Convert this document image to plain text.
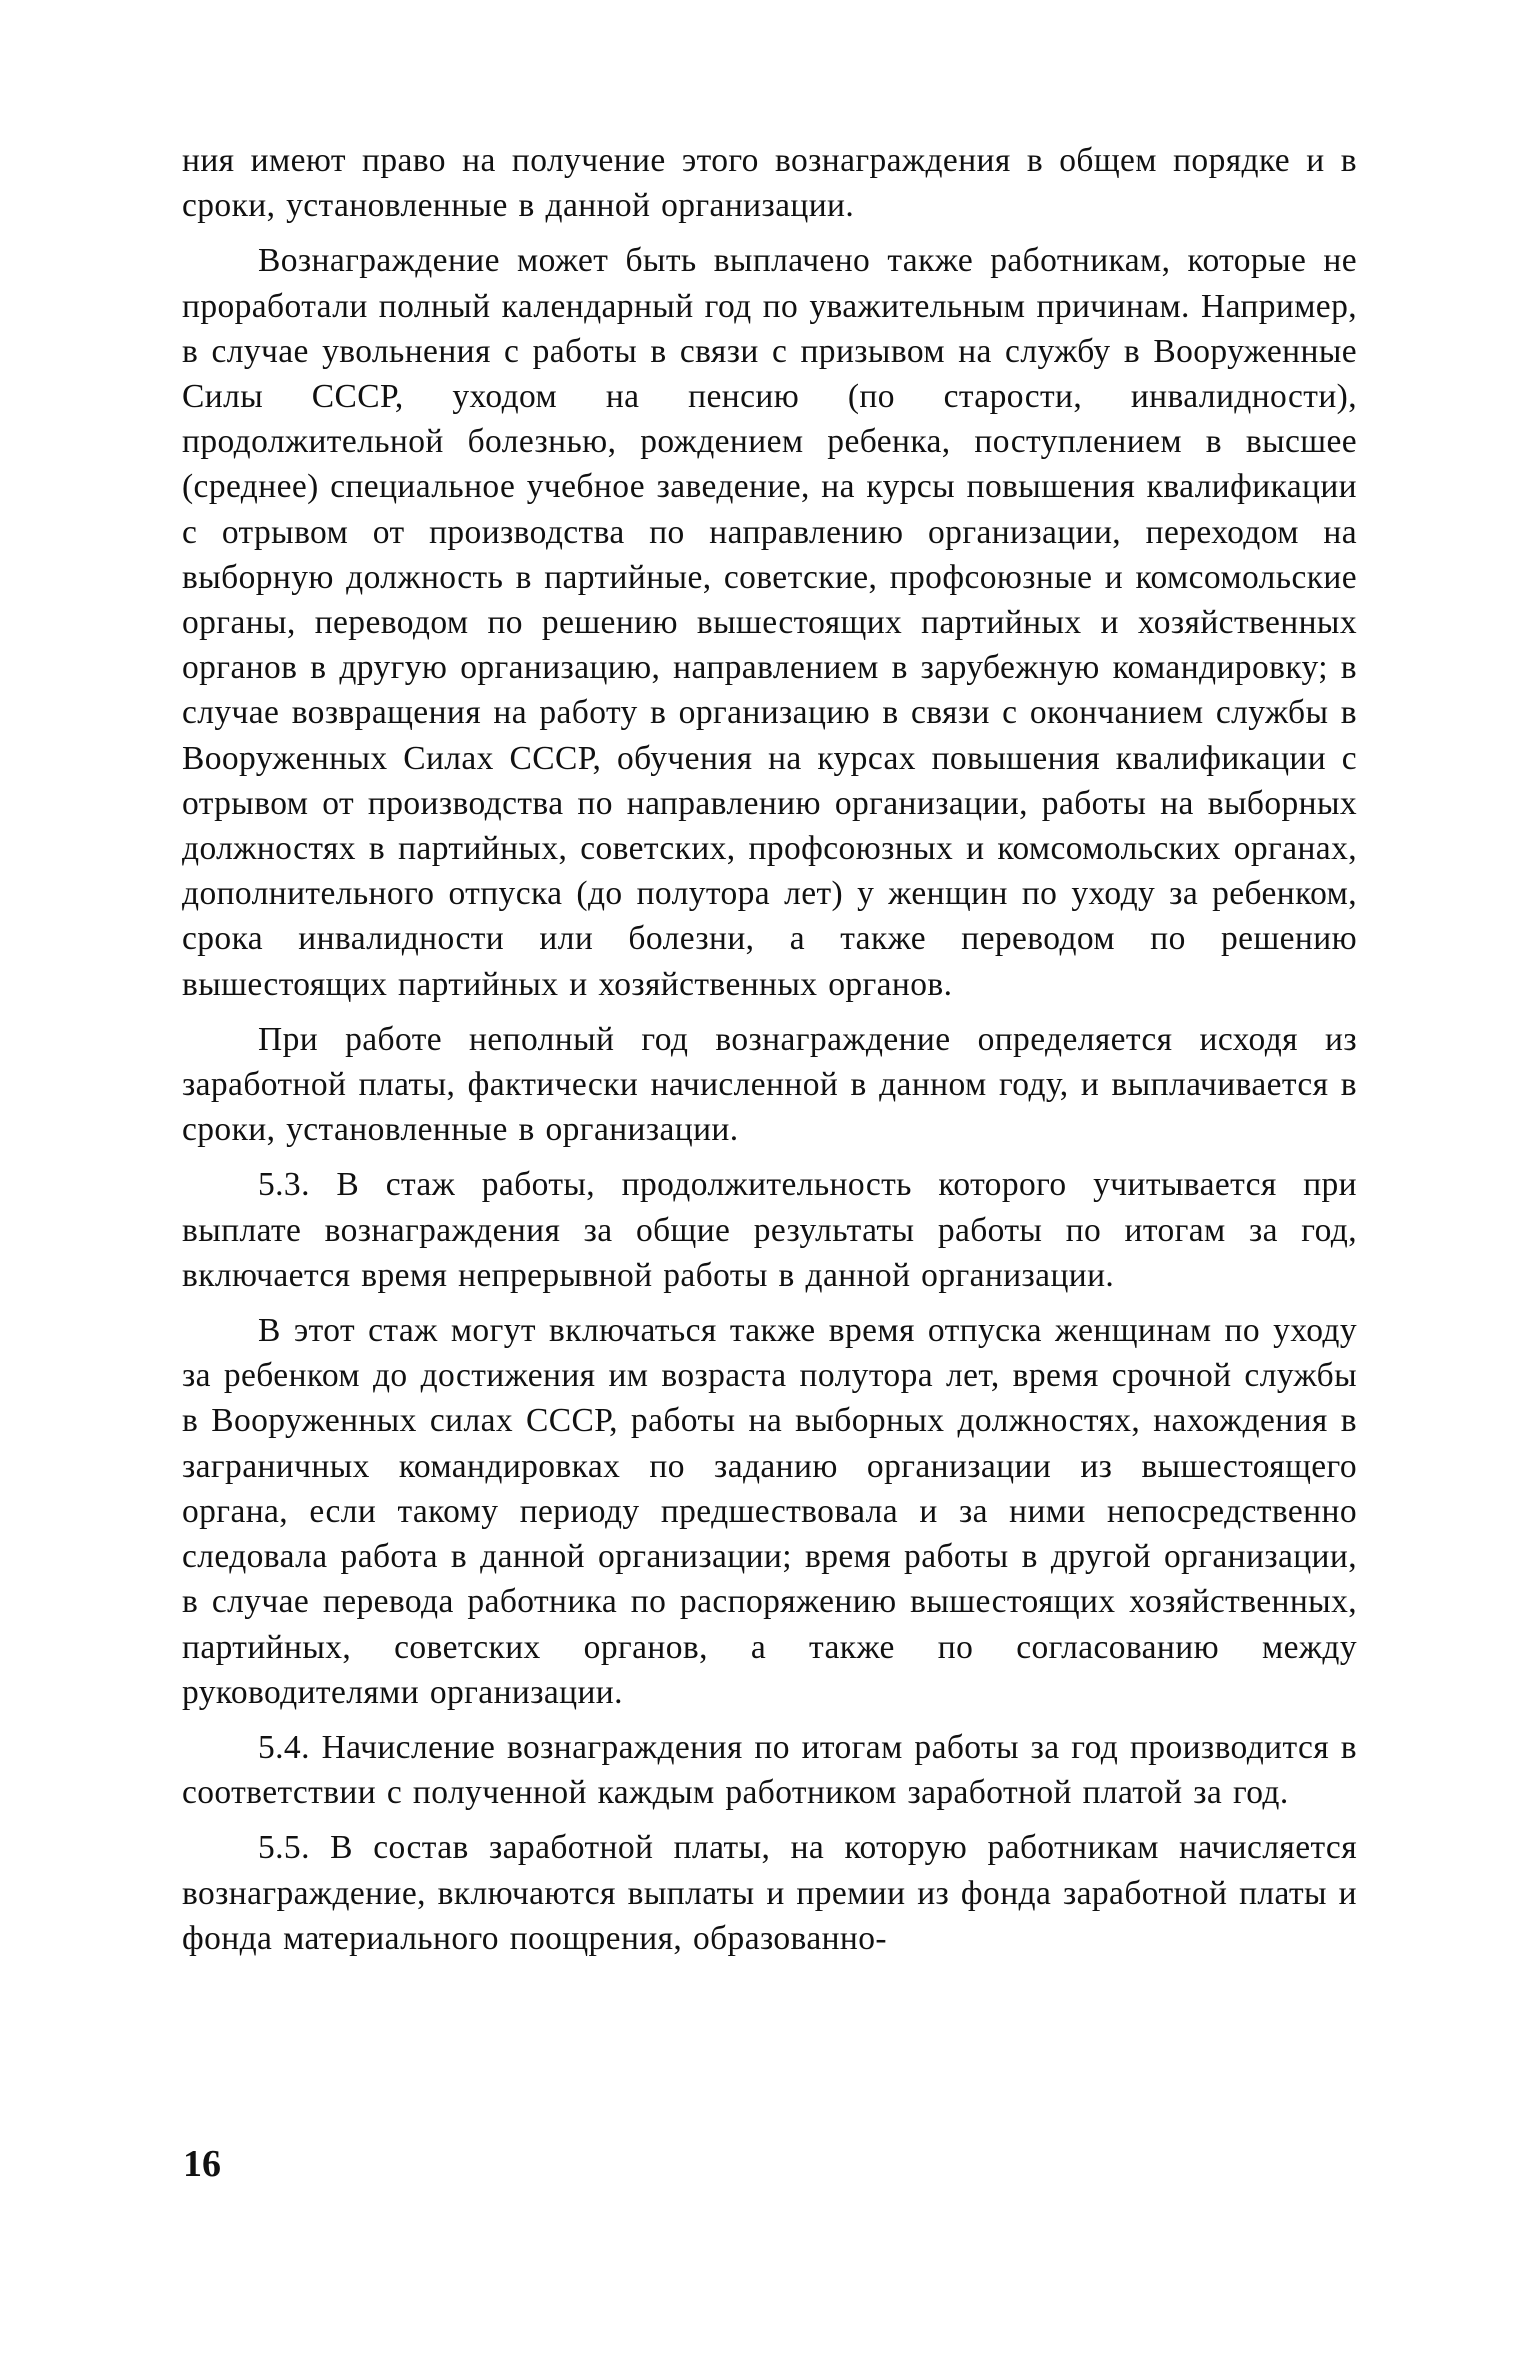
ния имеют право на получение этого вознаграждения в общем порядке и в сроки, установленные в данной организации.

Вознаграждение может быть выплачено также работникам, которые не проработали полный календарный год по уважительным причинам. Например, в случае увольнения с работы в связи с призывом на службу в Вооруженные Силы СССР, уходом на пенсию (по старости, инвалидности), продолжительной болезнью, рождением ребенка, поступлением в высшее (среднее) специальное учебное заведение, на курсы повышения квалификации с отрывом от производства по направлению организации, переходом на выборную должность в партийные, советские, профсоюзные и комсомольские органы, переводом по решению вышестоящих партийных и хозяйственных органов в другую организацию, направлением в зарубежную командировку; в случае возвращения на работу в организацию в связи с окончанием службы в Вооруженных Силах СССР, обучения на курсах повышения квалификации с отрывом от производства по направлению организации, работы на выборных должностях в партийных, советских, профсоюзных и комсомольских органах, дополнительного отпуска (до полутора лет) у женщин по уходу за ребенком, срока инвалидности или болезни, а также переводом по решению вышестоящих партийных и хозяйственных органов.

При работе неполный год вознаграждение определяется исходя из заработной платы, фактически начисленной в данном году, и выплачивается в сроки, установленные в организации.

5.3. В стаж работы, продолжительность которого учитывается при выплате вознаграждения за общие результаты работы по итогам за год, включается время непрерывной работы в данной организации.

В этот стаж могут включаться также время отпуска женщинам по уходу за ребенком до достижения им возраста полутора лет, время срочной службы в Вооруженных силах СССР, работы на выборных должностях, нахождения в заграничных командировках по заданию организации из вышестоящего органа, если такому периоду предшествовала и за ними непосредственно следовала работа в данной организации; время работы в другой организации, в случае перевода работника по распоряжению вышестоящих хозяйственных, партийных, советских органов, а также по согласованию между руководителями организации.

5.4. Начисление вознаграждения по итогам работы за год производится в соответствии с полученной каждым работником заработной платой за год.

5.5. В состав заработной платы, на которую работникам начисляется вознаграждение, включаются выплаты и премии из фонда заработной платы и фонда материального поощрения, образованно-

16
